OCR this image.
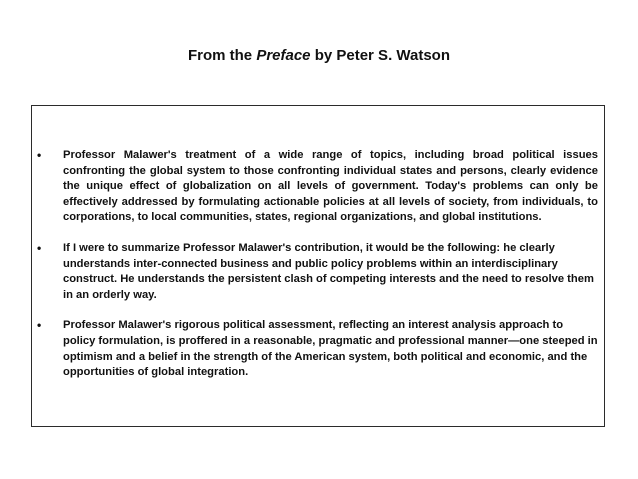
From the Preface by Peter S. Watson
• Professor Malawer's treatment of a wide range of topics, including broad political issues confronting the global system to those confronting individual states and persons, clearly evidence the unique effect of globalization on all levels of government. Today's problems can only be effectively addressed by formulating actionable policies at all levels of society, from individuals, to corporations, to local communities, states, regional organizations, and global institutions.

• If I were to summarize Professor Malawer's contribution, it would be the following: he clearly understands inter-connected business and public policy problems within an interdisciplinary construct. He understands the persistent clash of competing interests and the need to resolve them in an orderly way.

• Professor Malawer's rigorous political assessment, reflecting an interest analysis approach to policy formulation, is proffered in a reasonable, pragmatic and professional manner—one steeped in optimism and a belief in the strength of the American system, both political and economic, and the opportunities of global integration.
